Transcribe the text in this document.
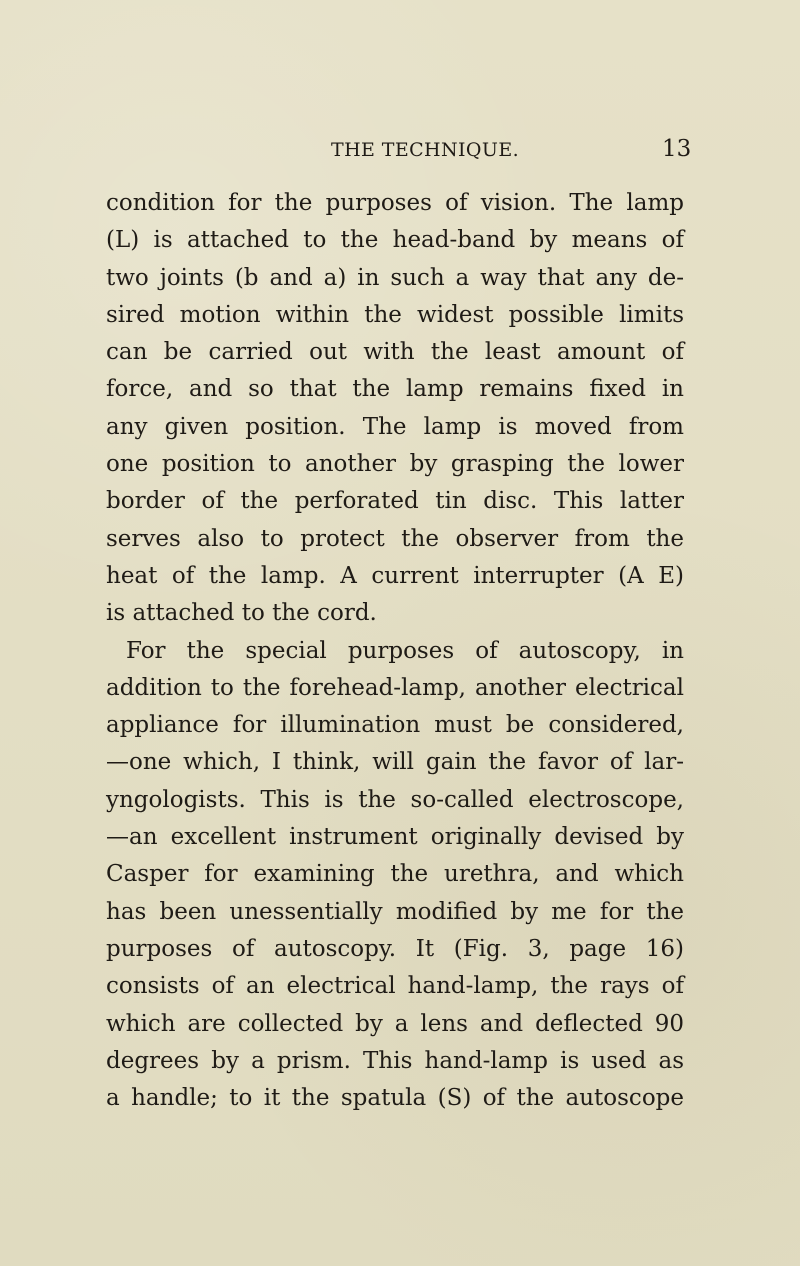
THE TECHNIQUE.	13
condition for the purposes of vision. The lamp
(L) is attached to the head-band by means of
two joints (b and a) in such a way that any de-
sired motion within the widest possible limits
can be carried out with the least amount of
force, and so that the lamp remains fixed in
any given position. The lamp is moved from
one position to another by grasping the lower
border of the perforated tin disc. This latter
serves also to protect the observer from the
heat of the lamp. A current interrupter (A E)
is attached to the cord.
For the special purposes of autoscopy, in
addition to the forehead-lamp, another electrical
appliance for illumination must be considered,
—one which, I think, will gain the favor of lar-
yngologists. This is the so-called electroscope,
—an excellent instrument originally devised by
Casper for examining the urethra, and which
has been unessentially modified by me for the
purposes of autoscopy. It (Fig. 3, page 16)
consists of an electrical hand-lamp, the rays of
which are collected by a lens and deflected 90
degrees by a prism. This hand-lamp is used as
a handle; to it the spatula (S) of the autoscope
